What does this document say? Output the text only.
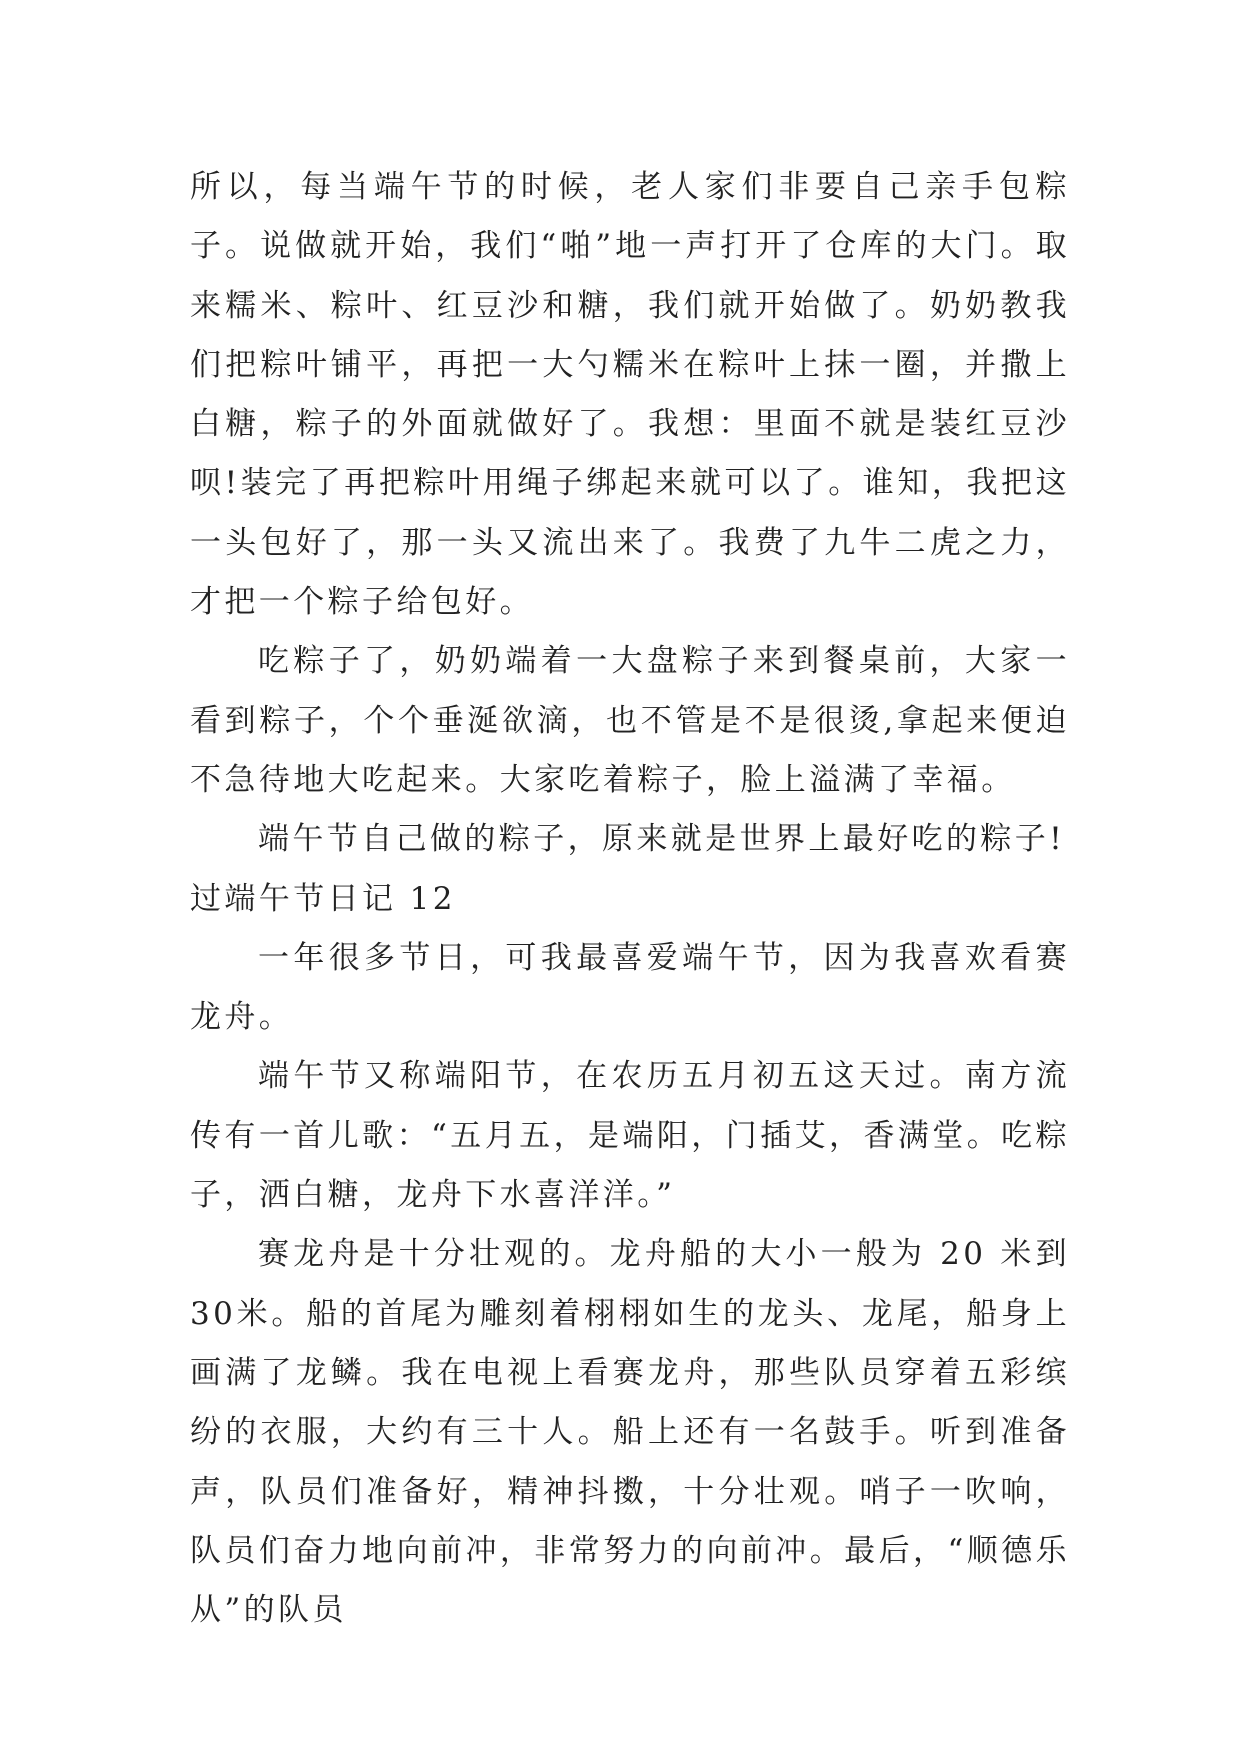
所以，每当端午节的时候，老人家们非要自己亲手包粽子。说做就开始，我们“啪”地一声打开了仓库的大门。取来糯米、粽叶、红豆沙和糖，我们就开始做了。奶奶教我们把粽叶铺平，再把一大勺糯米在粽叶上抹一圈，并撒上白糖，粽子的外面就做好了。我想：里面不就是装红豆沙呗!装完了再把粽叶用绳子绑起来就可以了。谁知，我把这一头包好了，那一头又流出来了。我费了九牛二虎之力，才把一个粽子给包好。

吃粽子了，奶奶端着一大盘粽子来到餐桌前，大家一看到粽子，个个垂涎欲滴，也不管是不是很烫,拿起来便迫不急待地大吃起来。大家吃着粽子，脸上溢满了幸福。

端午节自己做的粽子，原来就是世界上最好吃的粽子!

过端午节日记 12

一年很多节日，可我最喜爱端午节，因为我喜欢看赛龙舟。

端午节又称端阳节，在农历五月初五这天过。南方流传有一首儿歌：“五月五，是端阳，门插艾，香满堂。吃粽子，洒白糖，龙舟下水喜洋洋。”

赛龙舟是十分壮观的。龙舟船的大小一般为 20 米到 30米。船的首尾为雕刻着栩栩如生的龙头、龙尾，船身上画满了龙鳞。我在电视上看赛龙舟，那些队员穿着五彩缤纷的衣服，大约有三十人。船上还有一名鼓手。听到准备声，队员们准备好，精神抖擞，十分壮观。哨子一吹响，队员们奋力地向前冲，非常努力的向前冲。最后，“顺德乐从”的队员
